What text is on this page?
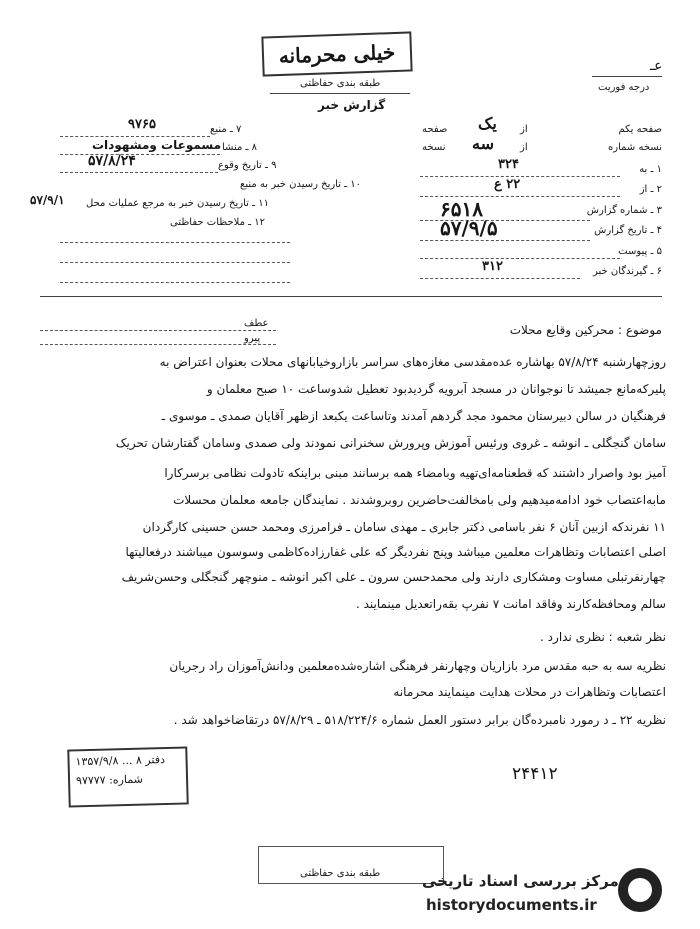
خیلی محرمانه
طبقه بندی حفاظتی
گزارش خبر
عـ
درجه فوریت
صفحه یکم
از
یک
صفحه
نسخه شماره
از
سه
نسخه
۱ ـ به
۳۲۴
۲ ـ از
۲۲ ع
۳ ـ شماره گزارش
۶۵۱۸
۴ ـ تاریخ گزارش
۵۷/۹/۵
۵ ـ پیوست
۶ ـ گیرندگان خبر
۳۱۲
۷ ـ منبع
۹۷۶۵
۸ ـ منشا
مسموعات ومشهودات
۹ ـ تاریخ وقوع
۵۷/۸/۲۴
۱۰ ـ تاریخ رسیدن خبر به منبع
۱۱ ـ تاریخ رسیدن خبر به مرجع عملیات محل
۵۷/۹/۱
۱۲ ـ ملاحظات حفاظتی
عطف
پیرو
موضوع : محرکین وقایع محلات
روزچهارشنبه ۵۷/۸/۲۴ بهاشاره عده‌مقدسی مغازه‌های سراسر بازاروخیابانهای محلات بعنوان اعتراض به
پلیرکه‌مانع جمیشد تا نوجوانان در مسجد آبرویه گردید‌بود تعطیل شدوساعت ۱۰ صبح معلمان و
فرهنگیان در سالن دبیرستان محمود مجد گردهم آمدند وتاساعت یکبعد ازظهر آقایان صمدی ـ موسوی ـ
سامان گنجگلی ـ انوشه ـ غروی ورئیس آموزش وپرورش سخنرانی نمودند ولی صمدی وسامان گفتارشان تحریک
آمیز بود واصرار داشتند که قطعنامه‌ای‌تهیه وبامضاء همه برسانند مبنی براینکه تادولت نظامی برسرکارا
مابه‌اعتصاب خود ادامه‌میدهیم ولی بامخالفت‌حاضرین روبروشدند . نمایندگان جامعه معلمان محسلات
۱۱ نفرندکه ازبین آنان ۶ نفر باسامی دکتر جابری ـ مهدی سامان ـ فرامرزی ومحمد حسن حسینی کارگردان
اصلی اعتصابات وتظاهرات معلمین میباشد وپنج نفردیگر که علی غفارزاده‌کاظمی وسوسون میباشند درفعالیتها
چهارنفرتبلی مساوت ومشکاری دارند ولی محمدحسن سرون ـ علی اکبر انوشه ـ منوچهر گنجگلی وحسن‌شریف
سالم ومحافظه‌کارند وفاقد امانت ۷ نفرپ بقه‌راتعدیل مینمایند .
نظر شعبه : نظری ندارد .
نظریه سه به حبه مقدس مرد بازاریان وچهارنفر فرهنگی اشاره‌شده‌معلمین ودانش‌آموزان راد رجریان
اعتصابات وتظاهرات در محلات هدایت مینمایند محرمانه
نظریه ۲۲ ـ د رمورد نامبرده‌گان برابر دستور العمل شماره ۵۱۸/۲۲۴/۶ ـ ۵۷/۸/۲۹ درتقاضاخواهد شد .
دفتر ۸ ... ۱۳۵۷/۹/۸
شماره: ۹۷۷۷۷	۲۴۴۱۲
طبقه بندی حفاظتی	مرکز بررسی اسناد تاریخی
historydocuments.ir
